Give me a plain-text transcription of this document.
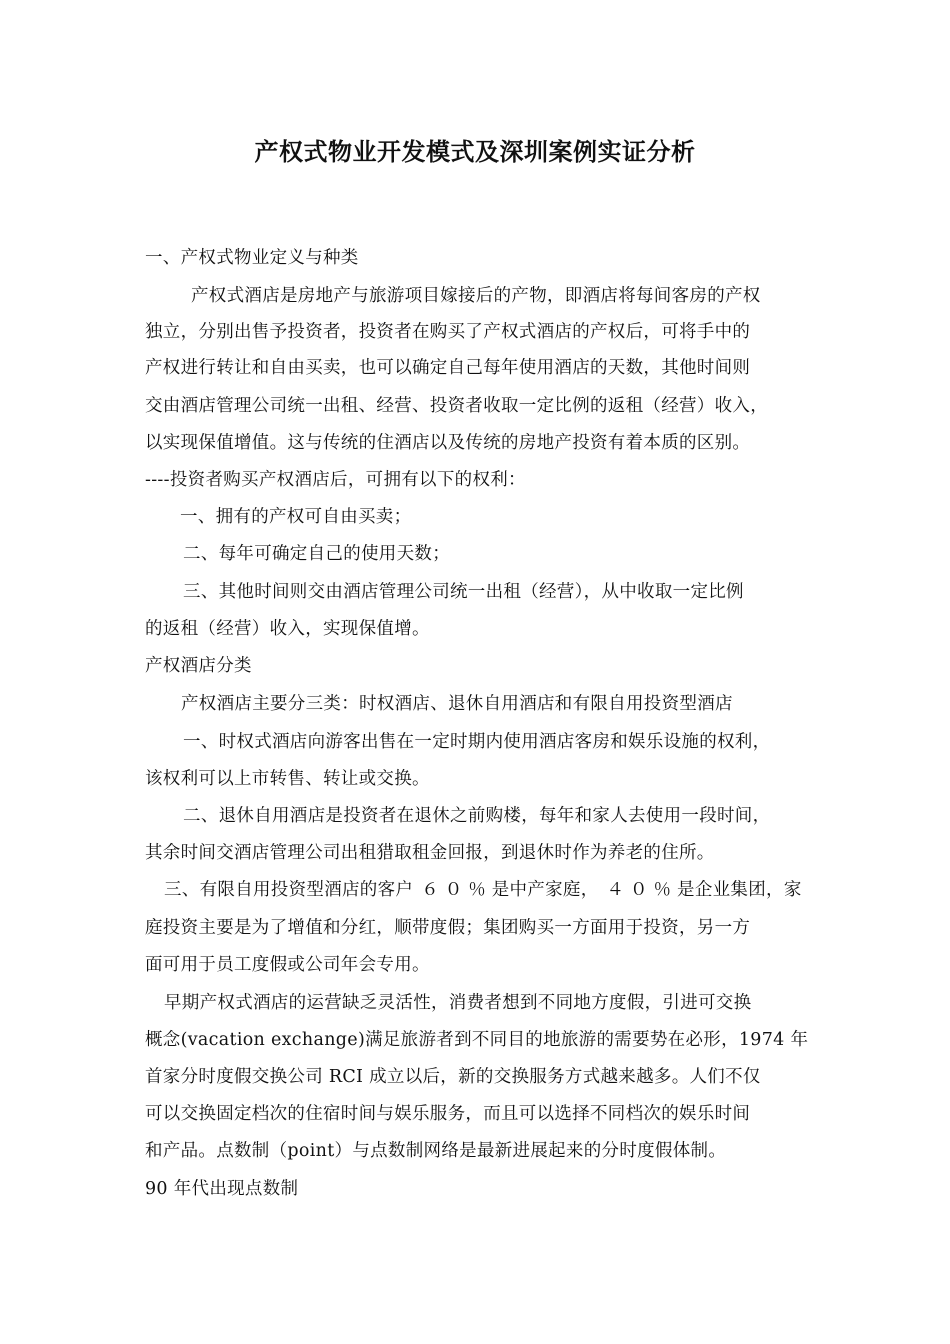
产权式物业开发模式及深圳案例实证分析
一、产权式物业定义与种类
产权式酒店是房地产与旅游项目嫁接后的产物，即酒店将每间客房的产权
独立，分别出售予投资者，投资者在购买了产权式酒店的产权后，可将手中的
产权进行转让和自由买卖，也可以确定自己每年使用酒店的天数，其他时间则
交由酒店管理公司统一出租、经营、投资者收取一定比例的返租（经营）收入，
以实现保值增值。这与传统的住酒店以及传统的房地产投资有着本质的区别。
----投资者购买产权酒店后，可拥有以下的权利：
一、拥有的产权可自由买卖；
二、每年可确定自己的使用天数；
三、其他时间则交由酒店管理公司统一出租（经营），从中收取一定比例
的返租（经营）收入，实现保值增。
产权酒店分类
产权酒店主要分三类：时权酒店、退休自用酒店和有限自用投资型酒店
一、时权式酒店向游客出售在一定时期内使用酒店客房和娱乐设施的权利，
该权利可以上市转售、转让或交换。
二、退休自用酒店是投资者在退休之前购楼，每年和家人去使用一段时间，
其余时间交酒店管理公司出租猎取租金回报，到退休时作为养老的住所。
三、有限自用投资型酒店的客户 ６０％是中产家庭， ４０％是企业集团，家
庭投资主要是为了增值和分红，顺带度假；集团购买一方面用于投资，另一方
面可用于员工度假或公司年会专用。
早期产权式酒店的运营缺乏灵活性，消费者想到不同地方度假，引进可交换
概念(vacation exchange)满足旅游者到不同目的地旅游的需要势在必形，1974 年
首家分时度假交换公司 RCI 成立以后，新的交换服务方式越来越多。人们不仅
可以交换固定档次的住宿时间与娱乐服务，而且可以选择不同档次的娱乐时间
和产品。点数制（point）与点数制网络是最新进展起来的分时度假体制。
90 年代出现点数制
